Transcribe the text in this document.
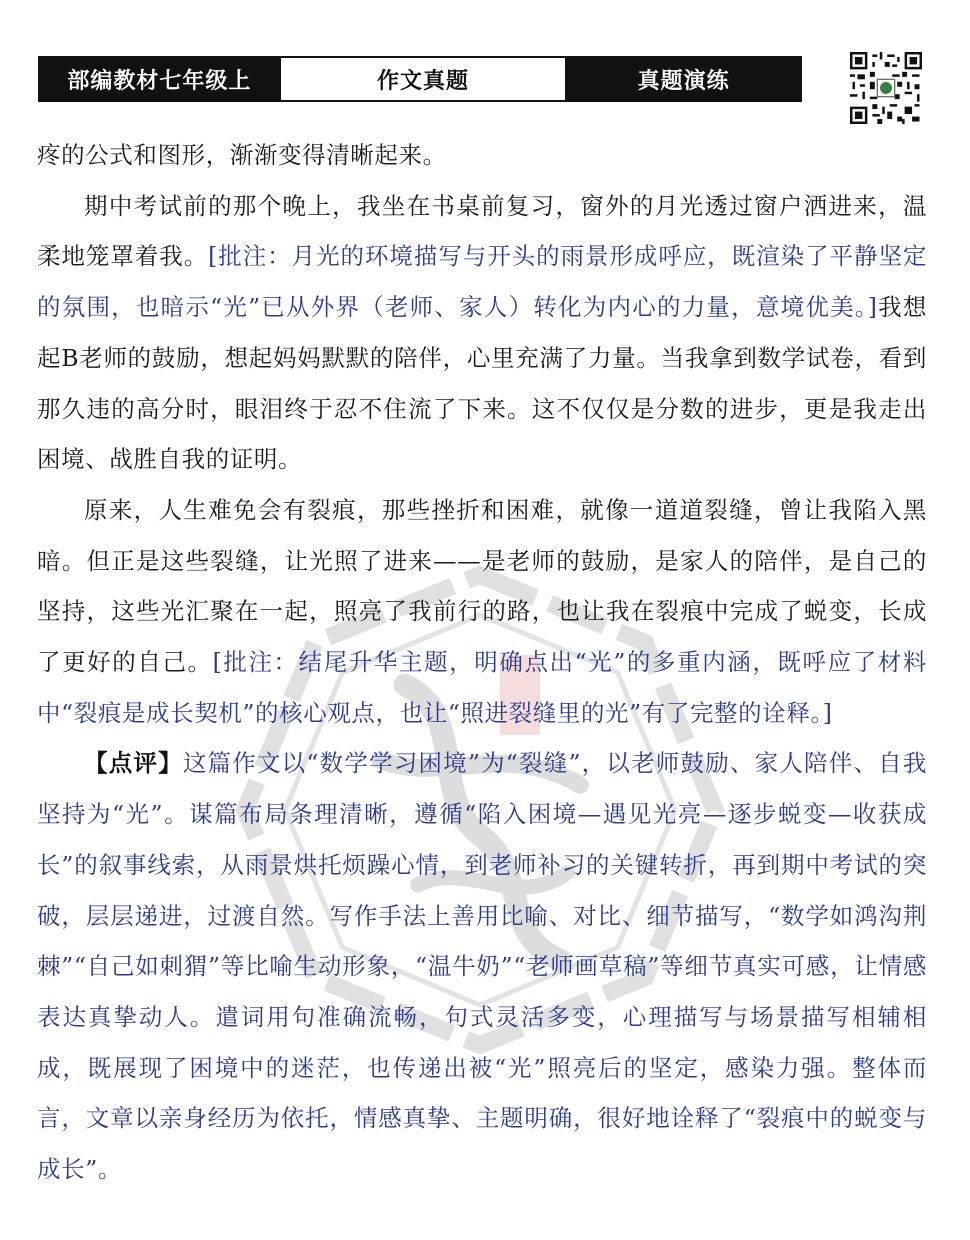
部编教材七年级上	作文真题	真题演练

疼的公式和图形，渐渐变得清晰起来。

期中考试前的那个晚上，我坐在书桌前复习，窗外的月光透过窗户洒进来，温柔地笼罩着我。[批注：月光的环境描写与开头的雨景形成呼应，既渲染了平静坚定的氛围，也暗示“光”已从外界（老师、家人）转化为内心的力量，意境优美。]我想起B老师的鼓励，想起妈妈默默的陪伴，心里充满了力量。当我拿到数学试卷，看到那久违的高分时，眼泪终于忍不住流了下来。这不仅仅是分数的进步，更是我走出困境、战胜自我的证明。

原来，人生难免会有裂痕，那些挫折和困难，就像一道道裂缝，曾让我陷入黑暗。但正是这些裂缝，让光照了进来——是老师的鼓励，是家人的陪伴，是自己的坚持，这些光汇聚在一起，照亮了我前行的路，也让我在裂痕中完成了蜕变，长成了更好的自己。[批注：结尾升华主题，明确点出“光”的多重内涵，既呼应了材料中“裂痕是成长契机”的核心观点，也让“照进裂缝里的光”有了完整的诠释。]

【点评】这篇作文以“数学学习困境”为“裂缝”，以老师鼓励、家人陪伴、自我坚持为“光”。谋篇布局条理清晰，遵循“陷入困境—遇见光亮—逐步蜕变—收获成长”的叙事线索，从雨景烘托烦躁心情，到老师补习的关键转折，再到期中考试的突破，层层递进，过渡自然。写作手法上善用比喻、对比、细节描写，“数学如鸿沟荆棘”“自己如刺猬”等比喻生动形象，“温牛奶”“老师画草稿”等细节真实可感，让情感表达真挚动人。遣词用句准确流畅，句式灵活多变，心理描写与场景描写相辅相成，既展现了困境中的迷茫，也传递出被“光”照亮后的坚定，感染力强。整体而言，文章以亲身经历为依托，情感真挚、主题明确，很好地诠释了“裂痕中的蜕变与成长”。
